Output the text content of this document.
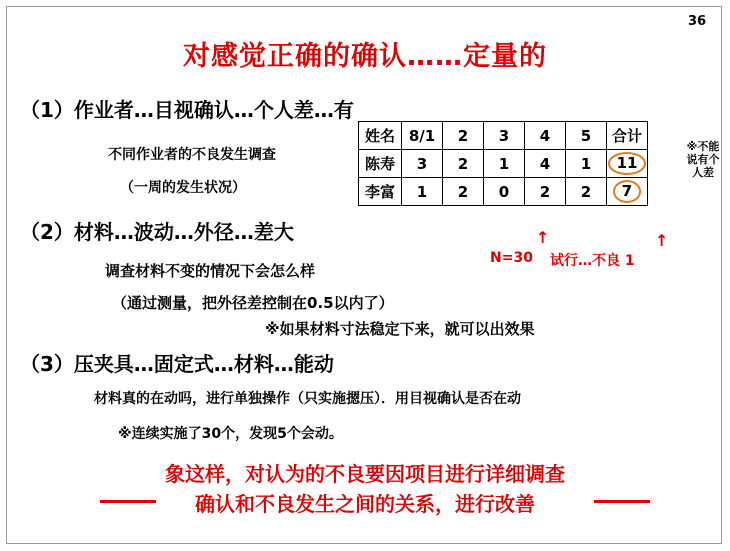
36
对感觉正确的确认……定量的
（1）作业者…目视确认…个人差…有
不同作业者的不良发生调查
（一周的发生状况）
姓名	8/1	2	3	4	5	合计
陈寿	3	2	1	4	1	11
李富	1	2	0	2	2	7
※不能说有个人差
↑	↑
N=30 试行…不良 1
（2）材料…波动…外径…差大
调查材料不变的情况下会怎么样
（通过测量，把外径差控制在0.5以内了）
※如果材料寸法稳定下来，就可以出效果
（3）压夹具…固定式…材料…能动
材料真的在动吗，进行单独操作（只实施摁压）．用目视确认是否在动
※连续实施了30个，发现5个会动。
象这样，对认为的不良要因项目进行详细调查
确认和不良发生之间的关系，进行改善
